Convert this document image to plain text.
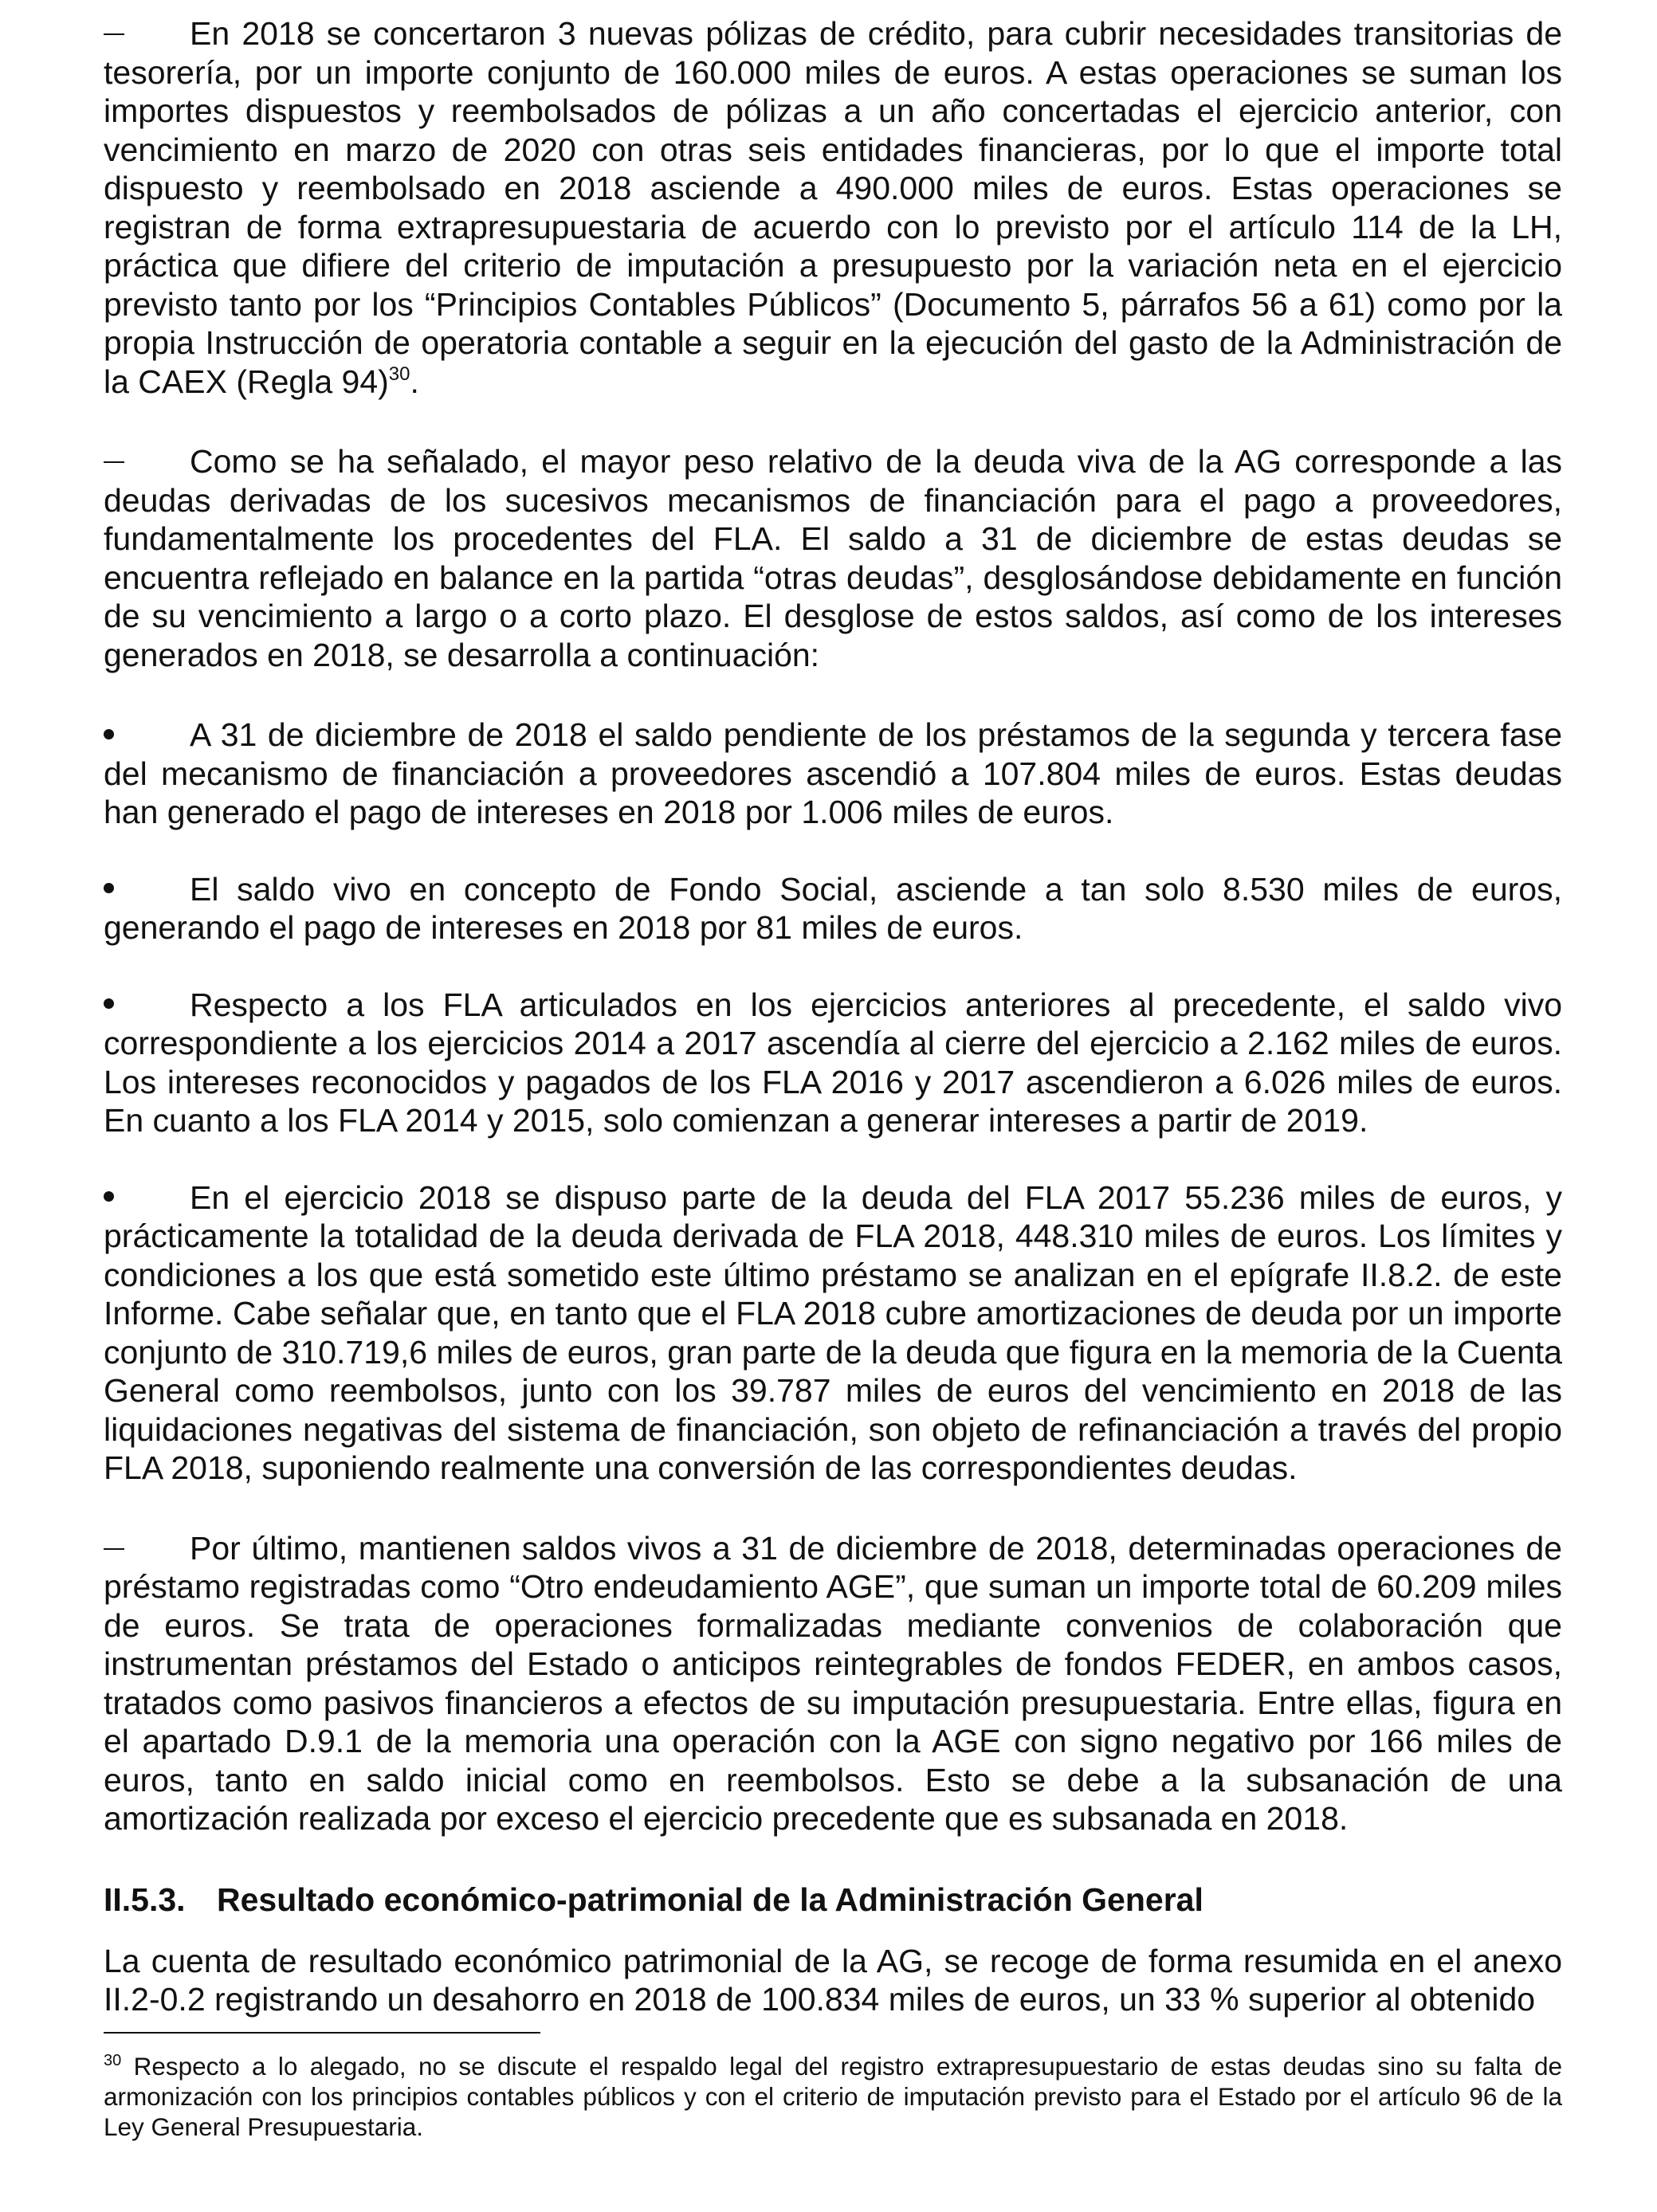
En 2018 se concertaron 3 nuevas pólizas de crédito, para cubrir necesidades transitorias de tesorería, por un importe conjunto de 160.000 miles de euros. A estas operaciones se suman los importes dispuestos y reembolsados de pólizas a un año concertadas el ejercicio anterior, con vencimiento en marzo de 2020 con otras seis entidades financieras, por lo que el importe total dispuesto y reembolsado en 2018 asciende a 490.000 miles de euros. Estas operaciones se registran de forma extrapresupuestaria de acuerdo con lo previsto por el artículo 114 de la LH, práctica que difiere del criterio de imputación a presupuesto por la variación neta en el ejercicio previsto tanto por los “Principios Contables Públicos” (Documento 5, párrafos 56 a 61) como por la propia Instrucción de operatoria contable a seguir en la ejecución del gasto de la Administración de la CAEX (Regla 94)$^{30}$.

Como se ha señalado, el mayor peso relativo de la deuda viva de la AG corresponde a las deudas derivadas de los sucesivos mecanismos de financiación para el pago a proveedores, fundamentalmente los procedentes del FLA. El saldo a 31 de diciembre de estas deudas se encuentra reflejado en balance en la partida “otras deudas”, desglosándose debidamente en función de su vencimiento a largo o a corto plazo. El desglose de estos saldos, así como de los intereses generados en 2018, se desarrolla a continuación:

A 31 de diciembre de 2018 el saldo pendiente de los préstamos de la segunda y tercera fase del mecanismo de financiación a proveedores ascendió a 107.804 miles de euros. Estas deudas han generado el pago de intereses en 2018 por 1.006 miles de euros.

El saldo vivo en concepto de Fondo Social, asciende a tan solo 8.530 miles de euros, generando el pago de intereses en 2018 por 81 miles de euros.

Respecto a los FLA articulados en los ejercicios anteriores al precedente, el saldo vivo correspondiente a los ejercicios 2014 a 2017 ascendía al cierre del ejercicio a 2.162 miles de euros. Los intereses reconocidos y pagados de los FLA 2016 y 2017 ascendieron a 6.026 miles de euros. En cuanto a los FLA 2014 y 2015, solo comienzan a generar intereses a partir de 2019.

En el ejercicio 2018 se dispuso parte de la deuda del FLA 2017 55.236 miles de euros, y prácticamente la totalidad de la deuda derivada de FLA 2018, 448.310 miles de euros. Los límites y condiciones a los que está sometido este último préstamo se analizan en el epígrafe II.8.2. de este Informe. Cabe señalar que, en tanto que el FLA 2018 cubre amortizaciones de deuda por un importe conjunto de 310.719,6 miles de euros, gran parte de la deuda que figura en la memoria de la Cuenta General como reembolsos, junto con los 39.787 miles de euros del vencimiento en 2018 de las liquidaciones negativas del sistema de financiación, son objeto de refinanciación a través del propio FLA 2018, suponiendo realmente una conversión de las correspondientes deudas.

Por último, mantienen saldos vivos a 31 de diciembre de 2018, determinadas operaciones de préstamo registradas como “Otro endeudamiento AGE”, que suman un importe total de 60.209 miles de euros. Se trata de operaciones formalizadas mediante convenios de colaboración que instrumentan préstamos del Estado o anticipos reintegrables de fondos FEDER, en ambos casos, tratados como pasivos financieros a efectos de su imputación presupuestaria. Entre ellas, figura en el apartado D.9.1 de la memoria una operación con la AGE con signo negativo por 166 miles de euros, tanto en saldo inicial como en reembolsos. Esto se debe a la subsanación de una amortización realizada por exceso el ejercicio precedente que es subsanada en 2018.

II.5.3. Resultado económico-patrimonial de la Administración General

La cuenta de resultado económico patrimonial de la AG, se recoge de forma resumida en el anexo II.2-0.2 registrando un desahorro en 2018 de 100.834 miles de euros, un 33 % superior al obtenido

$^{30}$ Respecto a lo alegado, no se discute el respaldo legal del registro extrapresupuestario de estas deudas sino su falta de armonización con los principios contables públicos y con el criterio de imputación previsto para el Estado por el artículo 96 de la Ley General Presupuestaria.
